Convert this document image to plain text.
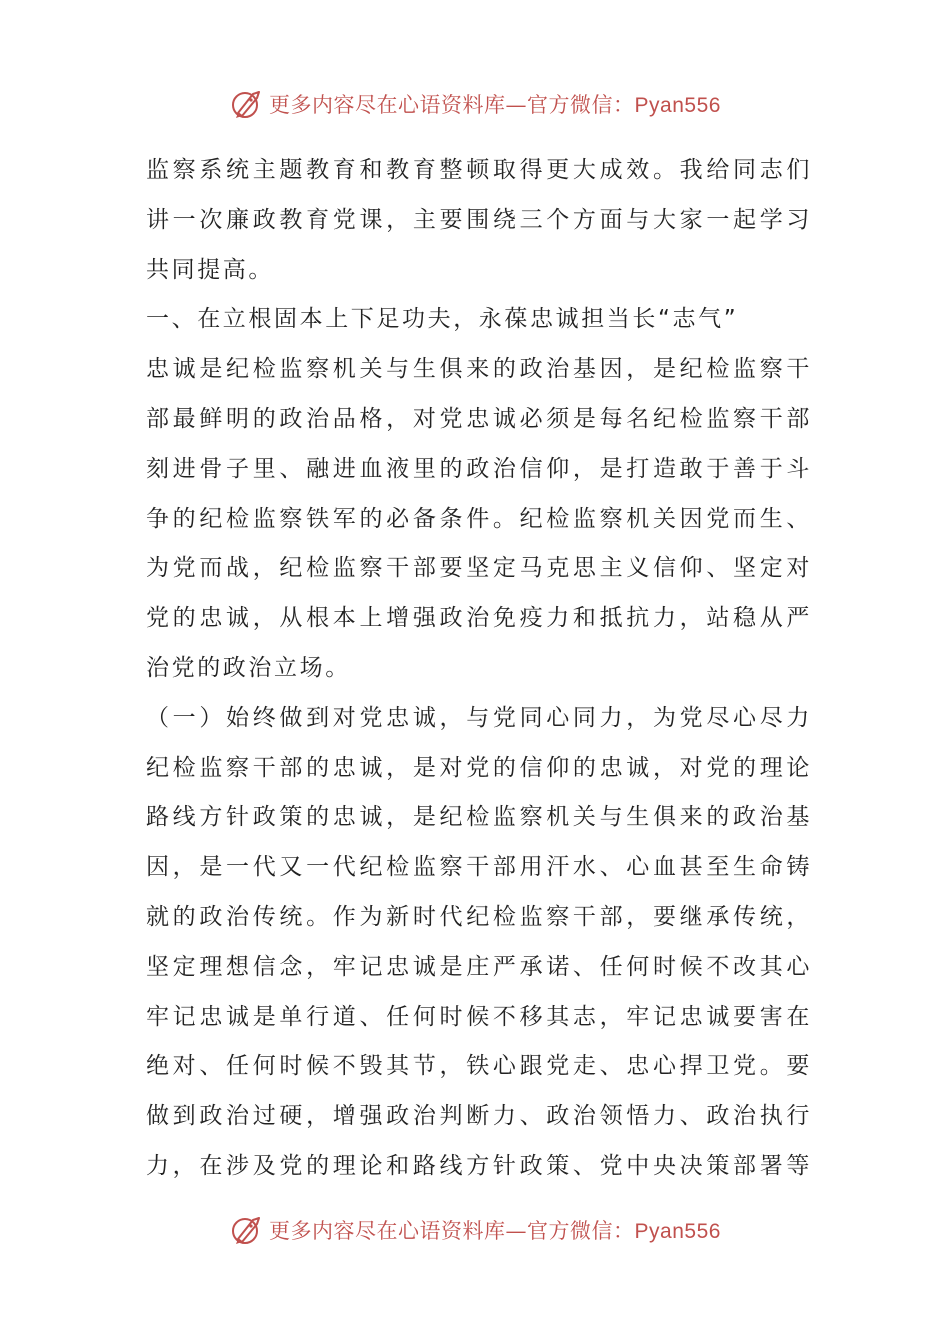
更多内容尽在心语资料库—官方微信：Pyan556
监察系统主题教育和教育整顿取得更大成效。我给同志们
讲一次廉政教育党课，主要围绕三个方面与大家一起学习
共同提高。
一、在立根固本上下足功夫，永葆忠诚担当长“志气”
忠诚是纪检监察机关与生俱来的政治基因，是纪检监察干
部最鲜明的政治品格，对党忠诚必须是每名纪检监察干部
刻进骨子里、融进血液里的政治信仰，是打造敢于善于斗
争的纪检监察铁军的必备条件。纪检监察机关因党而生、
为党而战，纪检监察干部要坚定马克思主义信仰、坚定对
党的忠诚，从根本上增强政治免疫力和抵抗力，站稳从严
治党的政治立场。
（一）始终做到对党忠诚，与党同心同力，为党尽心尽力
纪检监察干部的忠诚，是对党的信仰的忠诚，对党的理论
路线方针政策的忠诚，是纪检监察机关与生俱来的政治基
因，是一代又一代纪检监察干部用汗水、心血甚至生命铸
就的政治传统。作为新时代纪检监察干部，要继承传统，
坚定理想信念，牢记忠诚是庄严承诺、任何时候不改其心
牢记忠诚是单行道、任何时候不移其志，牢记忠诚要害在
绝对、任何时候不毁其节，铁心跟党走、忠心捍卫党。要
做到政治过硬，增强政治判断力、政治领悟力、政治执行
力，在涉及党的理论和路线方针政策、党中央决策部署等
更多内容尽在心语资料库—官方微信：Pyan556
